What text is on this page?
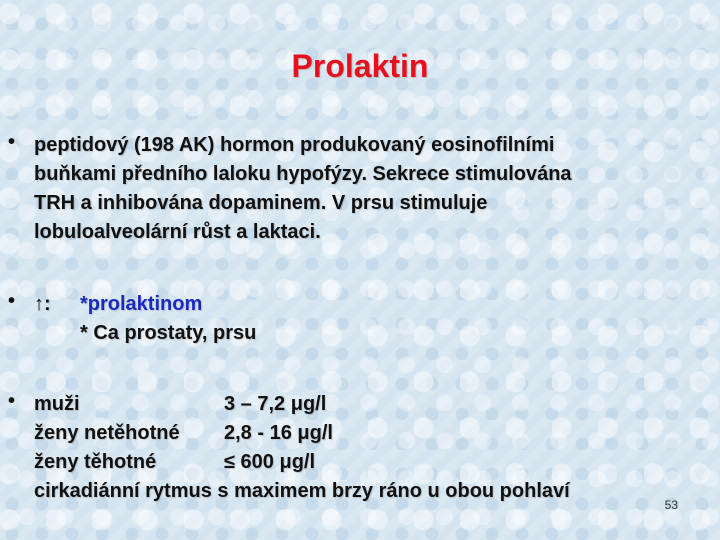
Prolaktin
• peptidový (198 AK) hormon produkovaný eosinofilními
buňkami předního laloku hypofýzy. Sekrece stimulována
TRH a inhibována dopaminem. V prsu stimuluje
lobuloalveolární růst a laktaci.
• ↑:	*prolaktinom
* Ca prostaty, prsu
• muži	3 – 7,2 μg/l
ženy netěhotné 2,8 - 16 μg/l
ženy těhotné	≤ 600 μg/l
cirkadiánní rytmus s maximem brzy ráno u obou pohlaví
53
